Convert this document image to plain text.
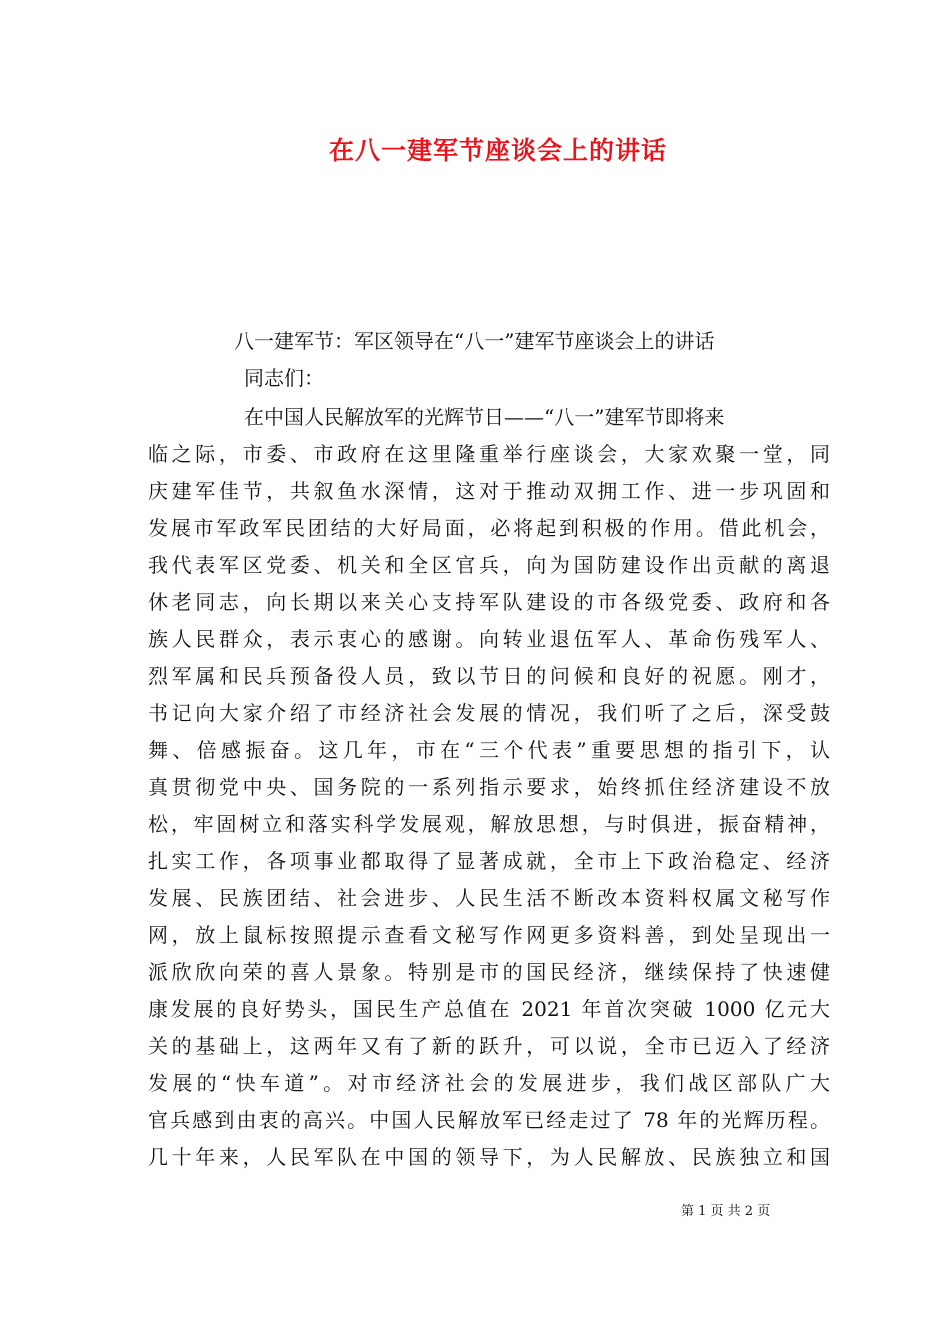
在八一建军节座谈会上的讲话
八一建军节：军区领导在“八一”建军节座谈会上的讲话
同志们：
在中国人民解放军的光辉节日——“八一”建军节即将来
临之际，市委、市政府在这里隆重举行座谈会，大家欢聚一堂，同
庆建军佳节，共叙鱼水深情，这对于推动双拥工作、进一步巩固和
发展市军政军民团结的大好局面，必将起到积极的作用。借此机会，
我代表军区党委、机关和全区官兵，向为国防建设作出贡献的离退
休老同志，向长期以来关心支持军队建设的市各级党委、政府和各
族人民群众，表示衷心的感谢。向转业退伍军人、革命伤残军人、
烈军属和民兵预备役人员，致以节日的问候和良好的祝愿。刚才，
书记向大家介绍了市经济社会发展的情况，我们听了之后，深受鼓
舞、倍感振奋。这几年，市在“三个代表”重要思想的指引下，认
真贯彻党中央、国务院的一系列指示要求，始终抓住经济建设不放
松，牢固树立和落实科学发展观，解放思想，与时俱进，振奋精神，
扎实工作，各项事业都取得了显著成就，全市上下政治稳定、经济
发展、民族团结、社会进步、人民生活不断改本资料权属文秘写作
网，放上鼠标按照提示查看文秘写作网更多资料善，到处呈现出一
派欣欣向荣的喜人景象。特别是市的国民经济，继续保持了快速健
康发展的良好势头，国民生产总值在 2021 年首次突破 1000 亿元大
关的基础上，这两年又有了新的跃升，可以说，全市已迈入了经济
发展的“快车道”。对市经济社会的发展进步，我们战区部队广大
官兵感到由衷的高兴。中国人民解放军已经走过了 78 年的光辉历程。
几十年来，人民军队在中国的领导下，为人民解放、民族独立和国
第 1 页 共 2 页
